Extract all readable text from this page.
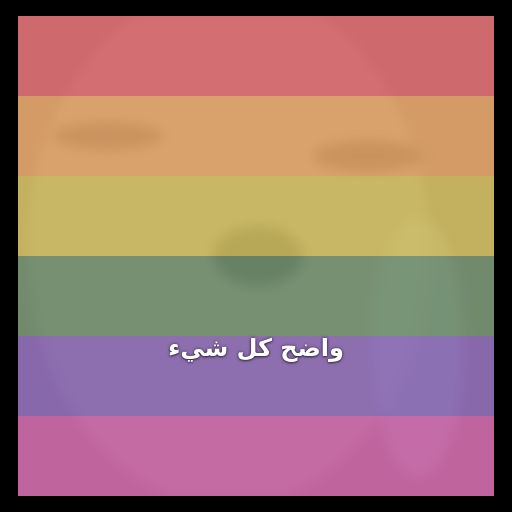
واضح كل شيء
